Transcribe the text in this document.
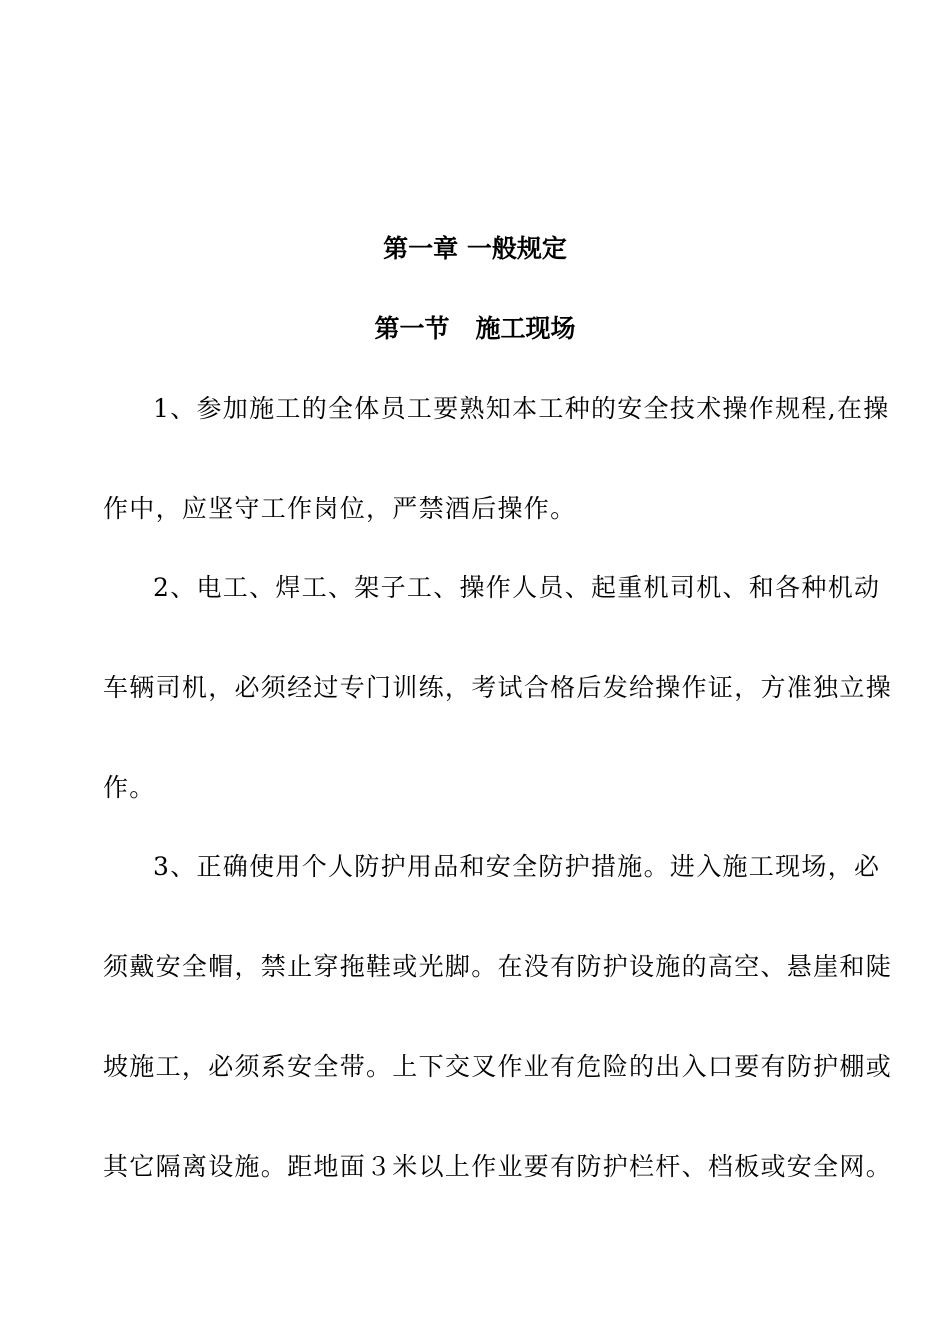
第一章 一般规定
第一节   施工现场
1、参加施工的全体员工要熟知本工种的安全技术操作规程,在操
作中，应坚守工作岗位，严禁酒后操作。
2、电工、焊工、架子工、操作人员、起重机司机、和各种机动
车辆司机，必须经过专门训练，考试合格后发给操作证，方准独立操
作。
3、正确使用个人防护用品和安全防护措施。进入施工现场，必
须戴安全帽，禁止穿拖鞋或光脚。在没有防护设施的高空、悬崖和陡
坡施工，必须系安全带。上下交叉作业有危险的出入口要有防护棚或
其它隔离设施。距地面３米以上作业要有防护栏杆、档板或安全网。
